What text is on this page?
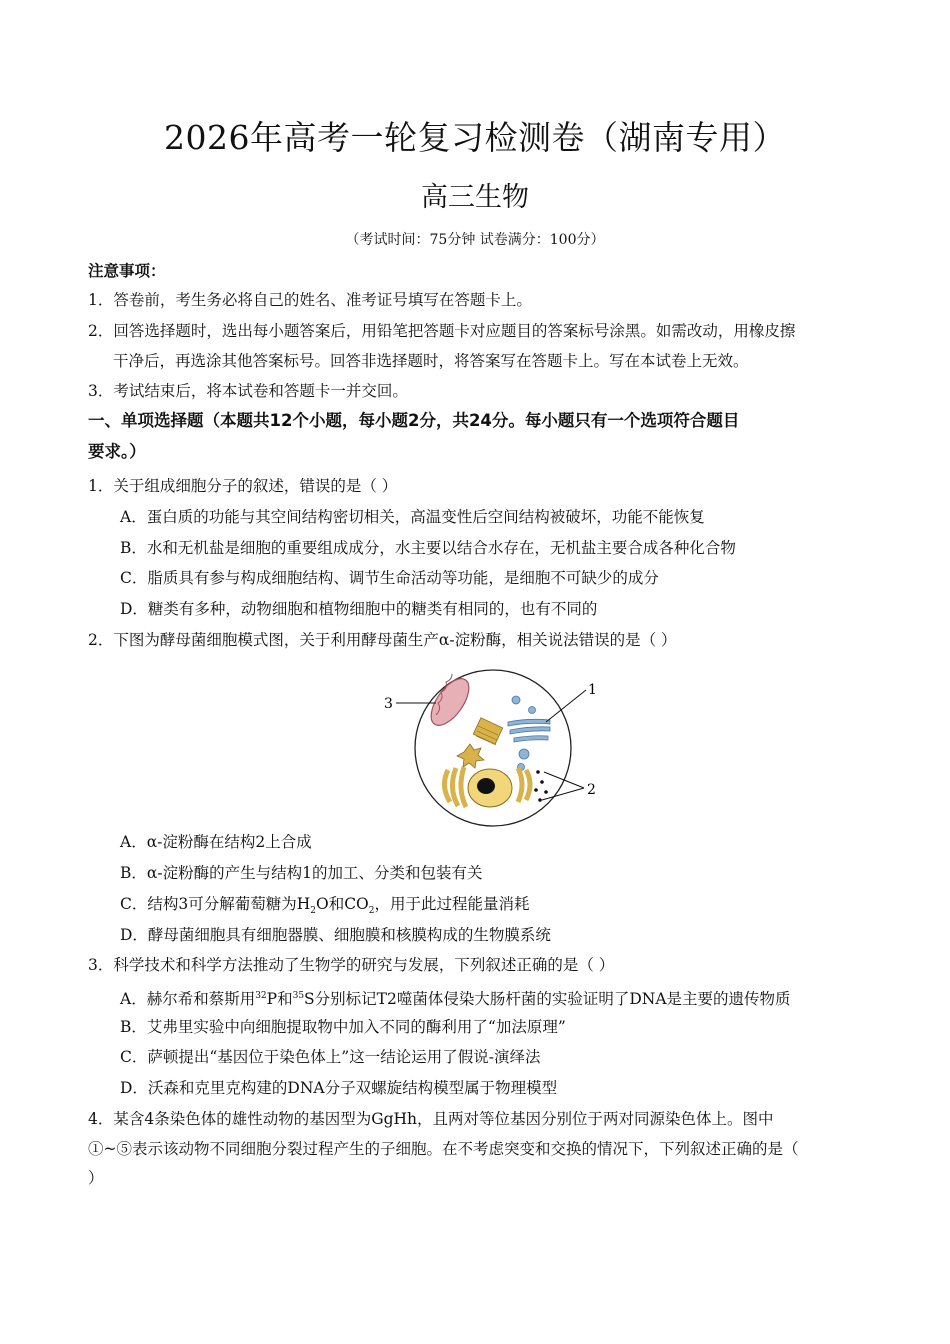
2026年高考一轮复习检测卷（湖南专用）
高三生物
（考试时间：75分钟 试卷满分：100分）
注意事项：
1．答卷前，考生务必将自己的姓名、准考证号填写在答题卡上。
2．回答选择题时，选出每小题答案后，用铅笔把答题卡对应题目的答案标号涂黑。如需改动，用橡皮擦
干净后，再选涂其他答案标号。回答非选择题时，将答案写在答题卡上。写在本试卷上无效。
3．考试结束后，将本试卷和答题卡一并交回。
一、单项选择题（本题共12个小题，每小题2分，共24分。每小题只有一个选项符合题目
要求。）
1．关于组成细胞分子的叙述，错误的是（ ）
A．蛋白质的功能与其空间结构密切相关，高温变性后空间结构被破坏，功能不能恢复
B．水和无机盐是细胞的重要组成成分，水主要以结合水存在，无机盐主要合成各种化合物
C．脂质具有参与构成细胞结构、调节生命活动等功能，是细胞不可缺少的成分
D．糖类有多种，动物细胞和植物细胞中的糖类有相同的，也有不同的
2．下图为酵母菌细胞模式图，关于利用酵母菌生产α-淀粉酶，相关说法错误的是（ ）
3
1
2
A．α-淀粉酶在结构2上合成
B．α-淀粉酶的产生与结构1的加工、分类和包装有关
C．结构3可分解葡萄糖为$H_2O$和$CO_2$，用于此过程能量消耗
D．酵母菌细胞具有细胞器膜、细胞膜和核膜构成的生物膜系统
3．科学技术和科学方法推动了生物学的研究与发展，下列叙述正确的是（ ）
A．赫尔希和蔡斯用$^{32}$P和$^{35}$S分别标记T2噬菌体侵染大肠杆菌的实验证明了DNA是主要的遗传物质
B．艾弗里实验中向细胞提取物中加入不同的酶利用了“加法原理”
C．萨顿提出“基因位于染色体上”这一结论运用了假说-演绎法
D．沃森和克里克构建的DNA分子双螺旋结构模型属于物理模型
4．某含4条染色体的雄性动物的基因型为GgHh，且两对等位基因分别位于两对同源染色体上。图中
①~⑤表示该动物不同细胞分裂过程产生的子细胞。在不考虑突变和交换的情况下，下列叙述正确的是（
）
